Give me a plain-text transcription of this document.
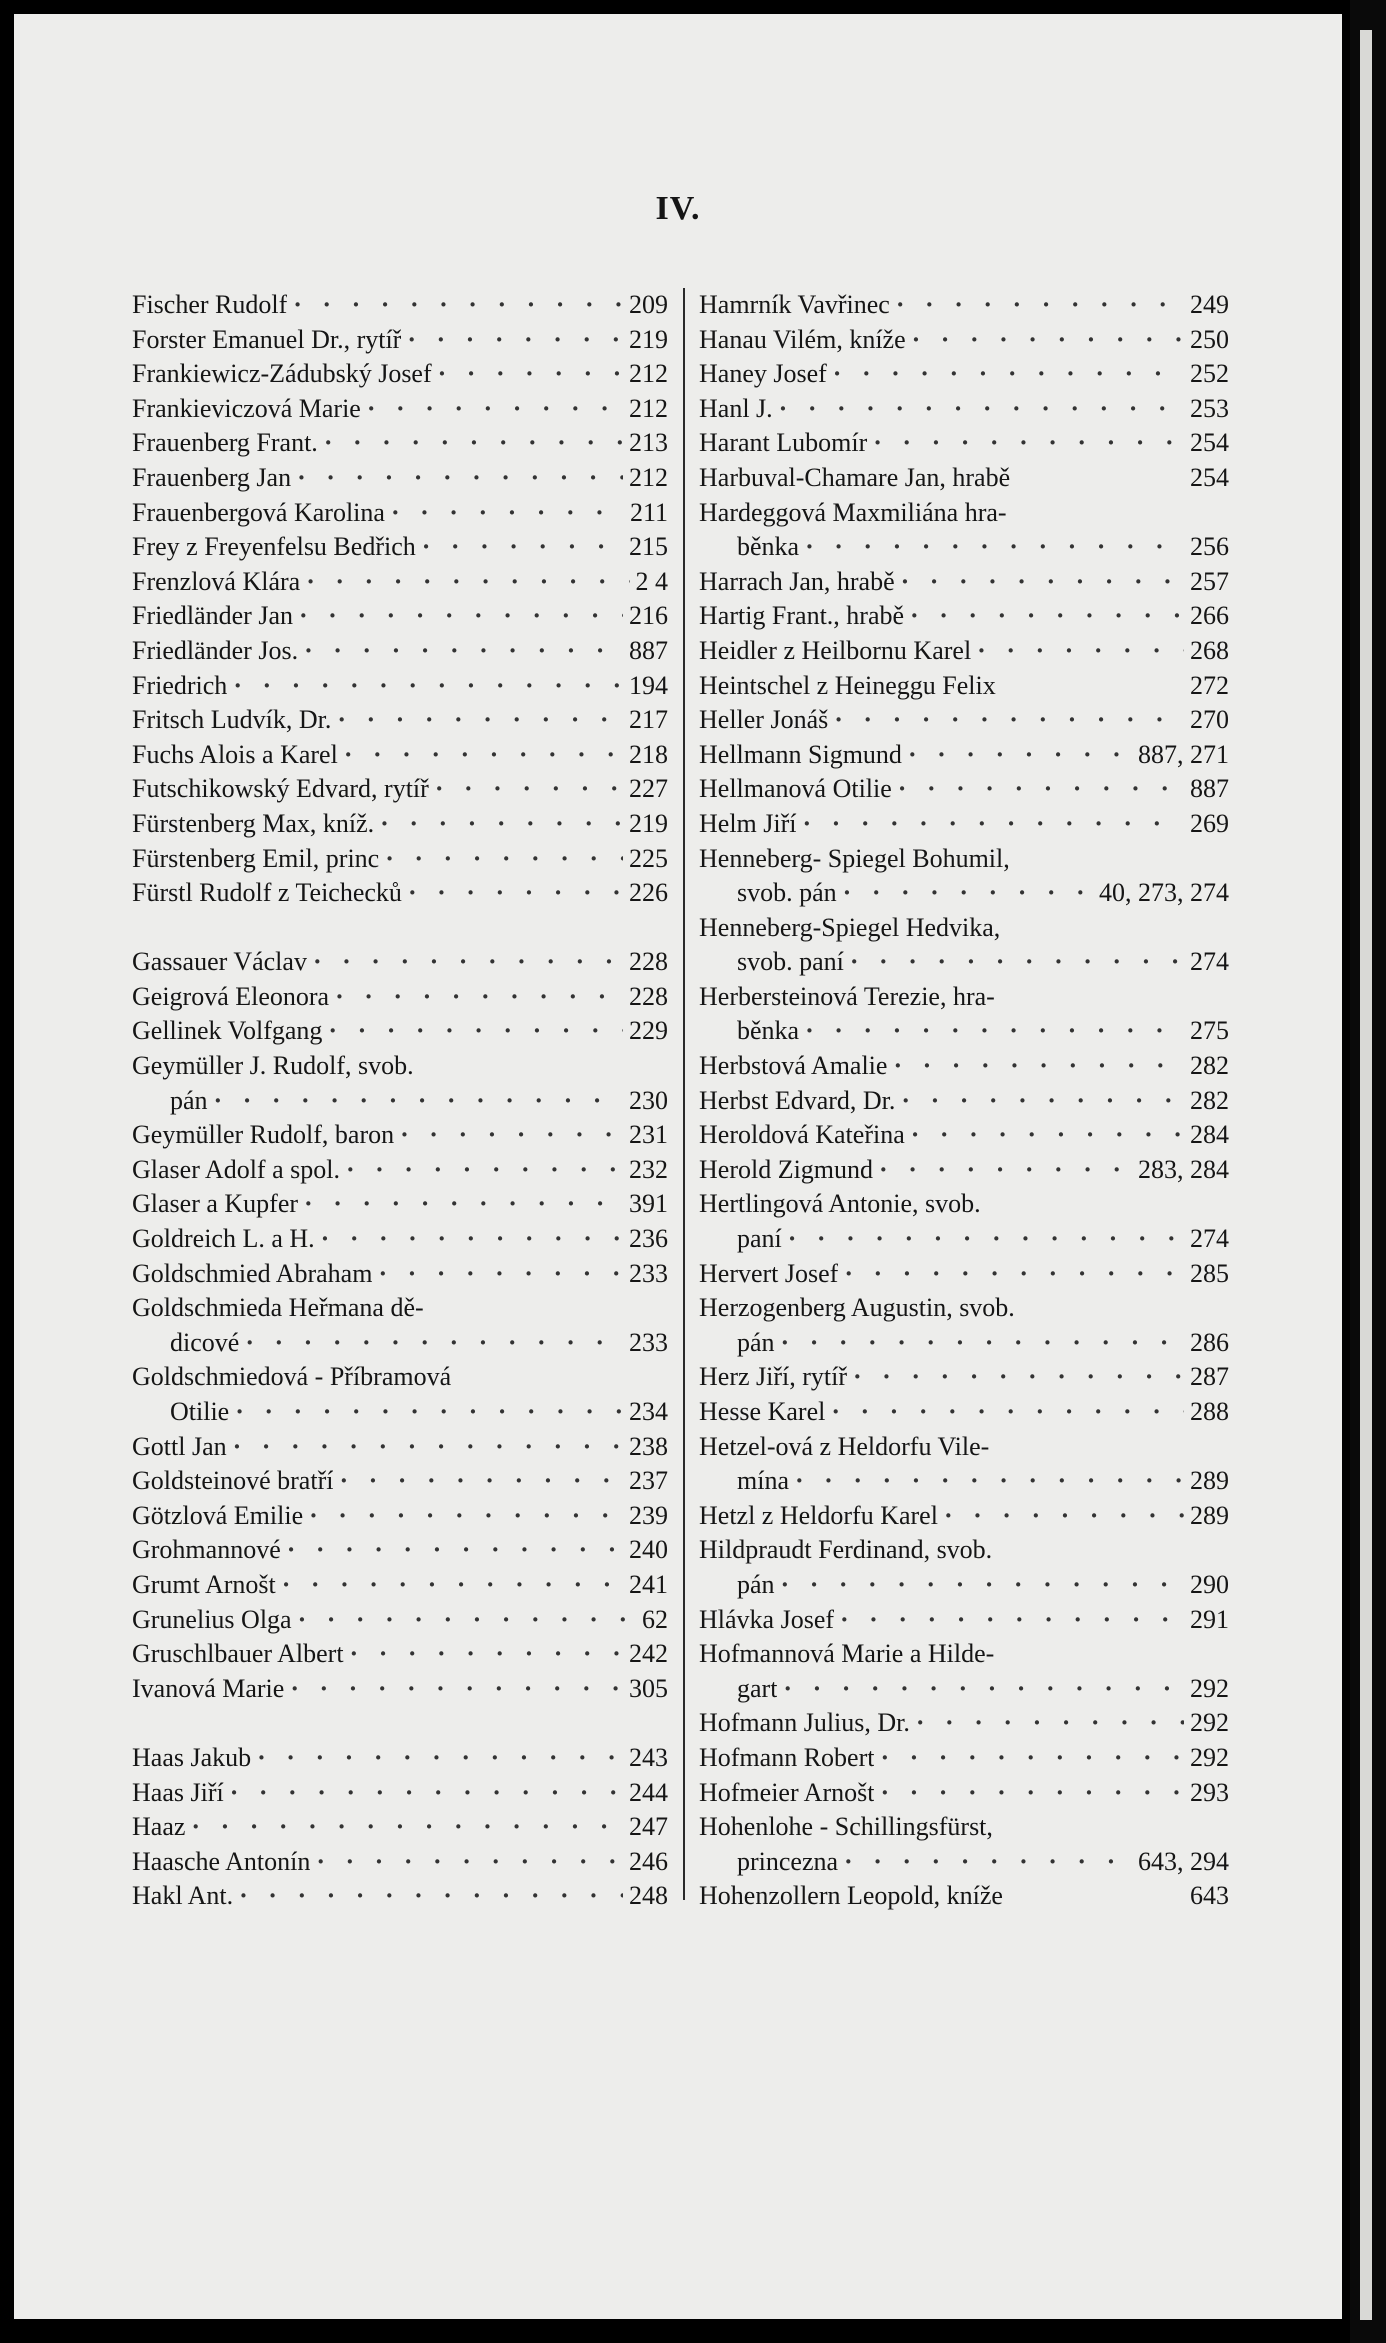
IV.
Fischer Rudolf · · ·	209
Forster Emanuel Dr., rytíř · · ·	219
Frankiewicz-Zádubský Josef · · ·	212
Frankieviczová Marie · · ·	212
Frauenberg Frant. · · ·	213
Frauenberg Jan · · ·	212
Frauenbergová Karolina · · ·	211
Frey z Freyenfelsu Bedřich · · ·	215
Frenzlová Klára · · ·	2 4
Friedländer Jan · · ·	216
Friedländer Jos. · · ·	887
Friedrich · · ·	194
Fritsch Ludvík, Dr. · · ·	217
Fuchs Alois a Karel · · ·	218
Futschikowský Edvard, rytíř · · ·	227
Fürstenberg Max, kníž. · · ·	219
Fürstenberg Emil, princ · · ·	225
Fürstl Rudolf z Teichecků · · ·	226
Gassauer Václav · · ·	228
Geigrová Eleonora · · ·	228
Gellinek Volfgang · · ·	229
Geymüller J. Rudolf, svob.
pán · · ·	230
Geymüller Rudolf, baron · · ·	231
Glaser Adolf a spol. · · ·	232
Glaser a Kupfer · · ·	391
Goldreich L. a H. · · ·	236
Goldschmied Abraham · · ·	233
Goldschmieda Heřmana dě-
dicové · · ·	233
Goldschmiedová - Příbramová
Otilie · · ·	234
Gottl Jan · · ·	238
Goldsteinové bratří · · ·	237
Götzlová Emilie · · ·	239
Grohmannové · · ·	240
Grumt Arnošt · · ·	241
Grunelius Olga · · ·	62
Gruschlbauer Albert · · ·	242
Ivanová Marie · · ·	305
Haas Jakub · · ·	243
Haas Jiří · · ·	244
Haaz · · ·	247
Haasche Antonín · · ·	246
Hakl Ant. · · ·	248
Hamrník Vavřinec · · ·	249
Hanau Vilém, kníže · · ·	250
Haney Josef · · ·	252
Hanl J. · · ·	253
Harant Lubomír · · ·	254
Harbuval-Chamare Jan, hrabě	254
Hardeggová Maxmiliána hra-
běnka · · ·	256
Harrach Jan, hrabě · · ·	257
Hartig Frant., hrabě · · ·	266
Heidler z Heilbornu Karel · · ·	268
Heintschel z Heineggu Felix	272
Heller Jonáš · · ·	270
Hellmann Sigmund · · ·	887, 271
Hellmanová Otilie · · ·	887
Helm Jiří · · ·	269
Henneberg- Spiegel Bohumil,
svob. pán · · ·	40, 273, 274
Henneberg-Spiegel Hedvika,
svob. paní · · ·	274
Herbersteinová Terezie, hra-
běnka · · ·	275
Herbstová Amalie · · ·	282
Herbst Edvard, Dr. · · ·	282
Heroldová Kateřina · · ·	284
Herold Zigmund · · ·	283, 284
Hertlingová Antonie, svob.
paní · · ·	274
Hervert Josef · · ·	285
Herzogenberg Augustin, svob.
pán · · ·	286
Herz Jiří, rytíř · · ·	287
Hesse Karel · · ·	288
Hetzel-ová z Heldorfu Vile-
mína · · ·	289
Hetzl z Heldorfu Karel · · ·	289
Hildpraudt Ferdinand, svob.
pán · · ·	290
Hlávka Josef · · ·	291
Hofmannová Marie a Hilde-
gart · · ·	292
Hofmann Julius, Dr. · · ·	292
Hofmann Robert · · ·	292
Hofmeier Arnošt · · ·	293
Hohenlohe - Schillingsfürst,
princezna · · ·	643, 294
Hohenzollern Leopold, kníže	643
